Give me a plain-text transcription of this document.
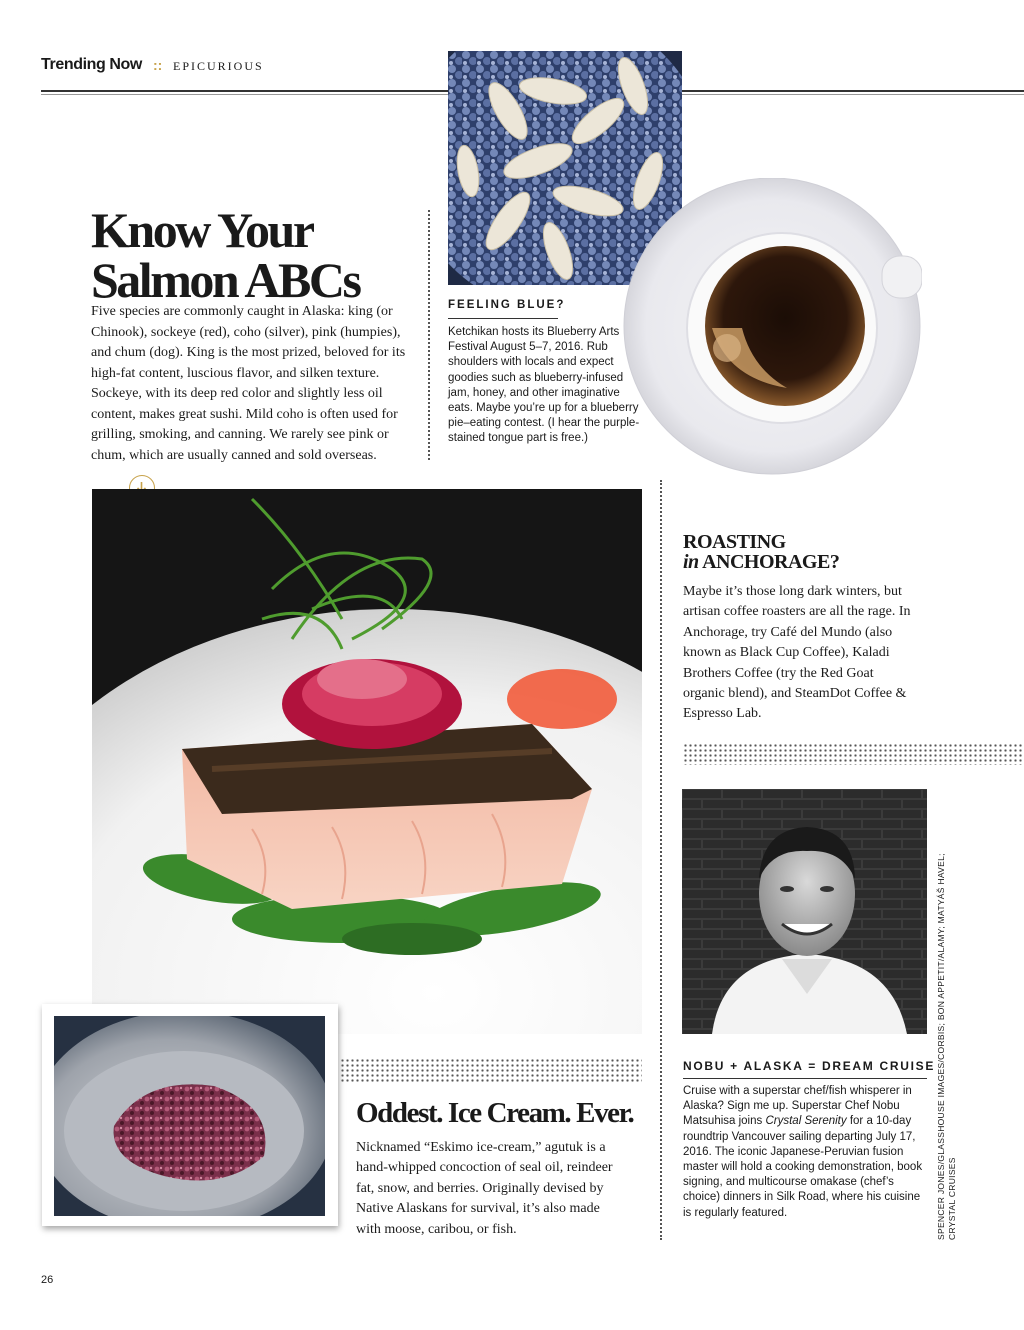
Trending Now :: EPICURIOUS
Know Your
Salmon ABCs
Five species are commonly caught in Alaska: king (or Chinook), sockeye (red), coho (silver), pink (humpies), and chum (dog). King is the most prized, beloved for its high-fat content, luscious flavor, and silken texture. Sockeye, with its deep red color and slightly less oil content, makes great sushi. Mild coho is often used for grilling, smoking, and canning. We rarely see pink or chum, which are usually canned and sold overseas.
FEELING BLUE?
Ketchikan hosts its Blueberry Arts Festival August 5–7, 2016. Rub shoulders with locals and expect goodies such as blueberry-infused jam, honey, and other imaginative eats. Maybe you’re up for a blueberry pie–eating contest. (I hear the purple-stained tongue part is free.)
ROASTING
in ANCHORAGE?
Maybe it’s those long dark winters, but artisan coffee roasters are all the rage. In Anchorage, try Café del Mundo (also known as Black Cup Coffee), Kaladi Brothers Coffee (try the Red Goat organic blend), and SteamDot Coffee & Espresso Lab.
NOBU + ALASKA = DREAM CRUISE
Cruise with a superstar chef/fish whisperer in Alaska? Sign me up. Superstar Chef Nobu Matsuhisa joins Crystal Serenity for a 10-day roundtrip Vancouver sailing departing July 17, 2016. The iconic Japanese-Peruvian fusion master will hold a cooking demonstration, book signing, and multicourse omakase (chef’s choice) dinners in Silk Road, where his cuisine is regularly featured.	SPENCER JONES/GLASSHOUSE IMAGES/CORBIS; BON APPETIT/ALAMY; MATYÁŠ HAVEL; CRYSTAL CRUISES
Oddest. Ice Cream. Ever.
Nicknamed “Eskimo ice-cream,” agutuk is a hand-whipped concoction of seal oil, reindeer fat, snow, and berries. Originally devised by Native Alaskans for survival, it’s also made with moose, caribou, or fish.
26
